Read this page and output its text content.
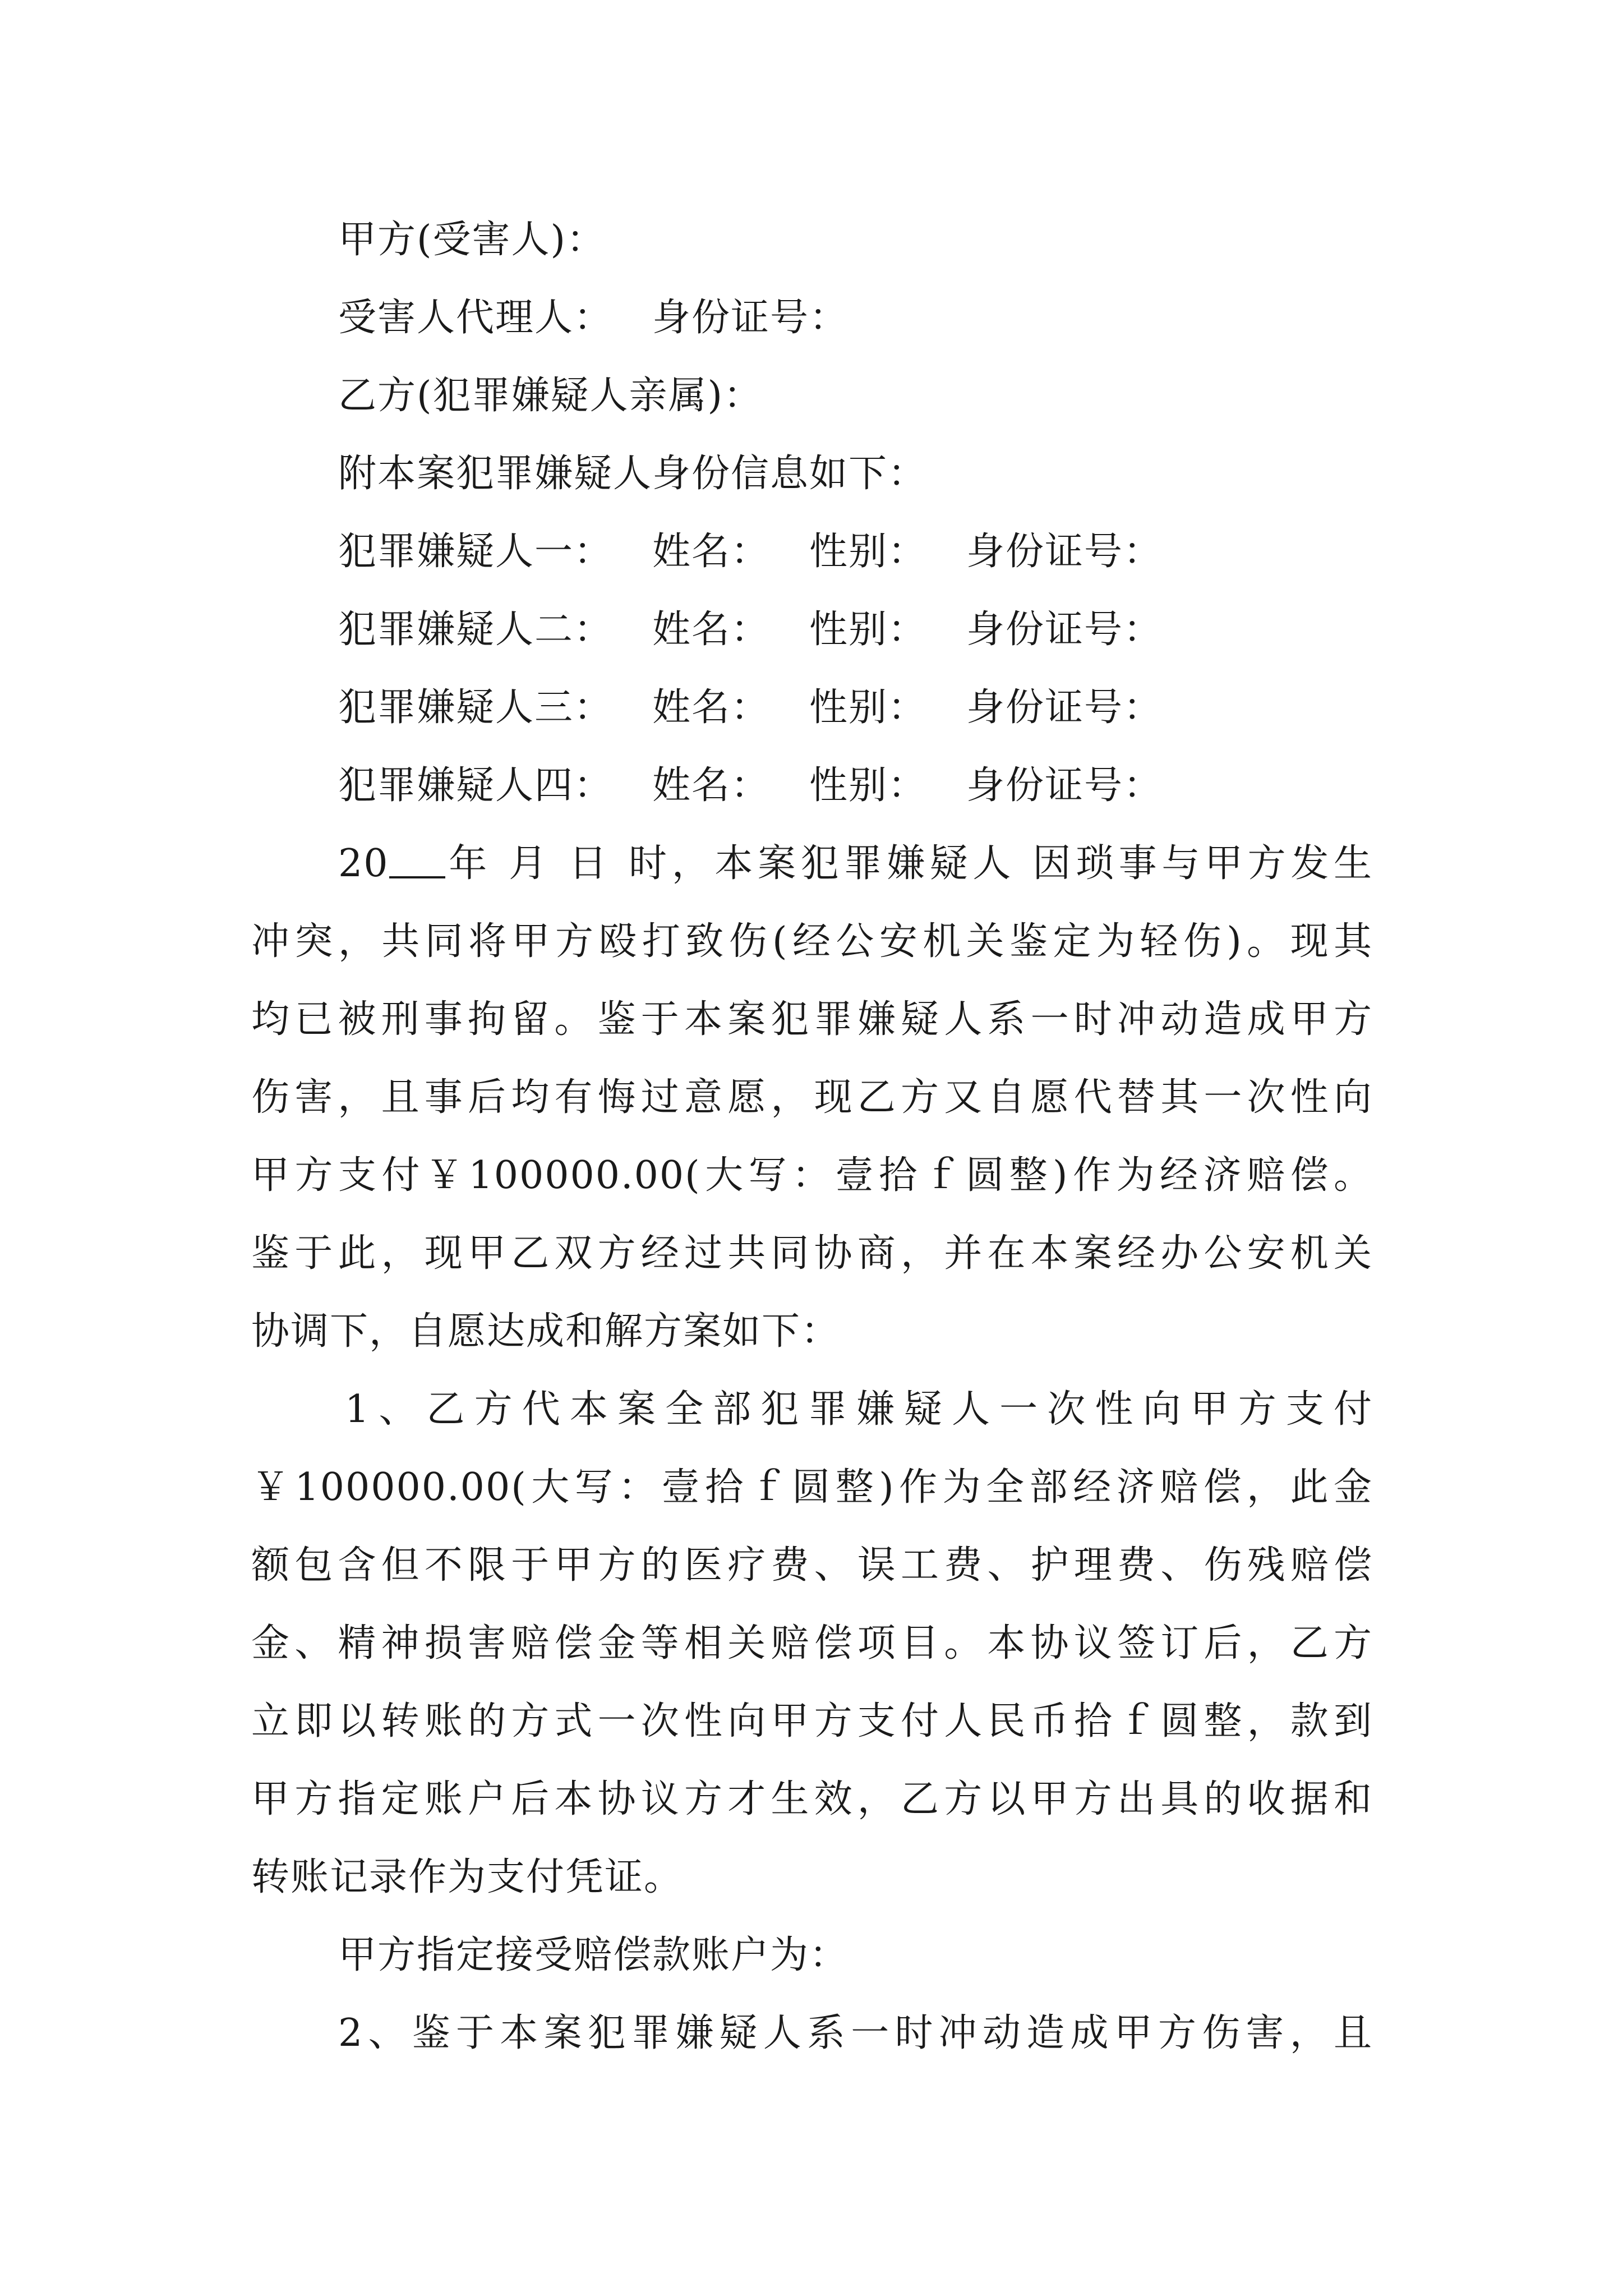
甲方(受害人)：
受害人代理人： 身份证号：
乙方(犯罪嫌疑人亲属)：
附本案犯罪嫌疑人身份信息如下：
犯罪嫌疑人一： 姓名： 性别： 身份证号：
犯罪嫌疑人二： 姓名： 性别： 身份证号：
犯罪嫌疑人三： 姓名： 性别： 身份证号：
犯罪嫌疑人四： 姓名： 性别： 身份证号：
20 年 月 日 时，本案犯罪嫌疑人 因琐事与甲方发生
冲突，共同将甲方殴打致伤(经公安机关鉴定为轻伤)。现其
均已被刑事拘留。鉴于本案犯罪嫌疑人系一时冲动造成甲方
伤害，且事后均有悔过意愿，现乙方又自愿代替其一次性向
甲方支付￥100000.00(大写：壹拾ｆ圆整)作为经济赔偿。
鉴于此，现甲乙双方经过共同协商，并在本案经办公安机关
协调下，自愿达成和解方案如下：
1、乙方代本案全部犯罪嫌疑人一次性向甲方支付
￥100000.00(大写：壹拾ｆ圆整)作为全部经济赔偿，此金
额包含但不限于甲方的医疗费、误工费、护理费、伤残赔偿
金、精神损害赔偿金等相关赔偿项目。本协议签订后，乙方
立即以转账的方式一次性向甲方支付人民币拾ｆ圆整，款到
甲方指定账户后本协议方才生效，乙方以甲方出具的收据和
转账记录作为支付凭证。
甲方指定接受赔偿款账户为：
2、鉴于本案犯罪嫌疑人系一时冲动造成甲方伤害，且
